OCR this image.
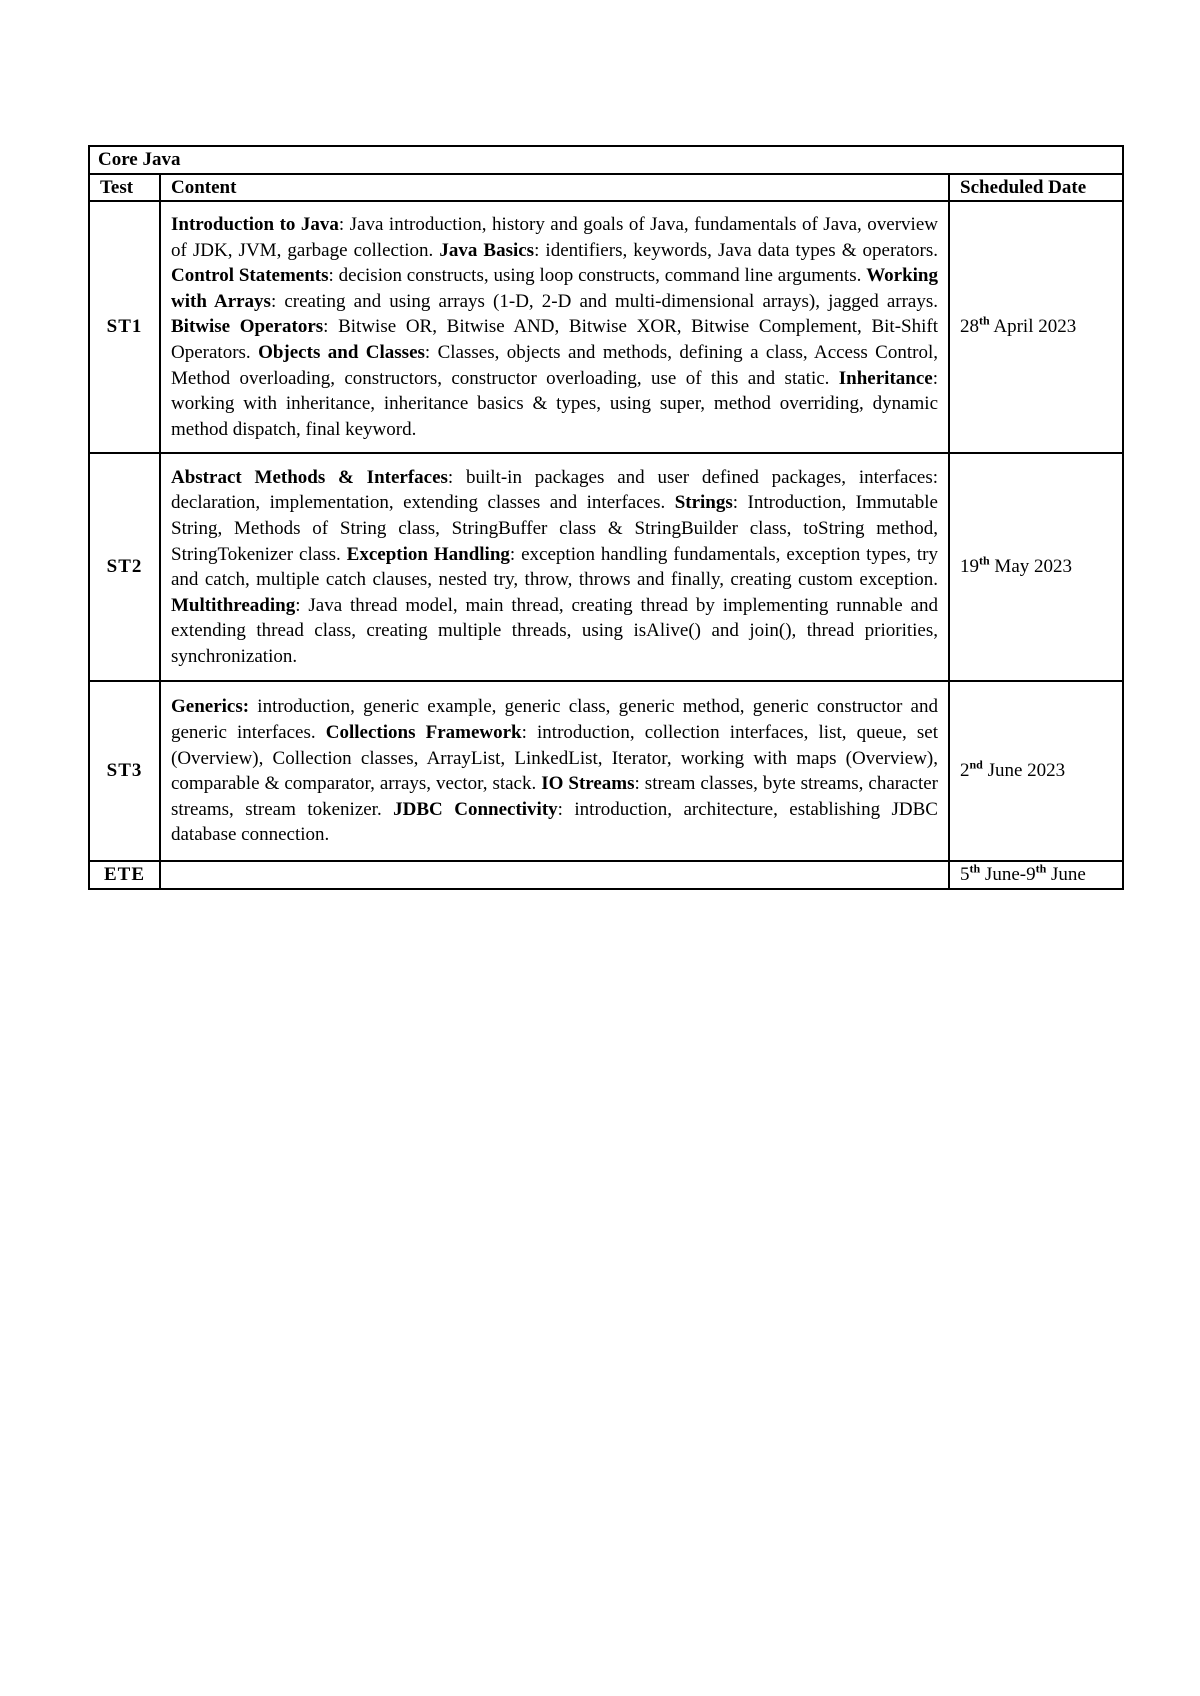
Core Java		
Test	Content	Scheduled Date
ST1	Introduction to Java: Java introduction, history and goals of Java, fundamentals of Java, overview of JDK, JVM, garbage collection. Java Basics: identifiers, keywords, Java data types & operators. Control Statements: decision constructs, using loop constructs, command line arguments. Working with Arrays: creating and using arrays (1-D, 2-D and multi-dimensional arrays), jagged arrays. Bitwise Operators: Bitwise OR, Bitwise AND, Bitwise XOR, Bitwise Complement, Bit-Shift Operators. Objects and Classes: Classes, objects and methods, defining a class, Access Control, Method overloading, constructors, constructor overloading, use of this and static. Inheritance: working with inheritance, inheritance basics & types, using super, method overriding, dynamic method dispatch, final keyword.	28th April 2023
ST2	Abstract Methods & Interfaces: built-in packages and user defined packages, interfaces: declaration, implementation, extending classes and interfaces. Strings: Introduction, Immutable String, Methods of String class, StringBuffer class & StringBuilder class, toString method, StringTokenizer class. Exception Handling: exception handling fundamentals, exception types, try and catch, multiple catch clauses, nested try, throw, throws and finally, creating custom exception. Multithreading: Java thread model, main thread, creating thread by implementing runnable and extending thread class, creating multiple threads, using isAlive() and join(), thread priorities, synchronization.	19th May 2023
ST3	Generics: introduction, generic example, generic class, generic method, generic constructor and generic interfaces. Collections Framework: introduction, collection interfaces, list, queue, set (Overview), Collection classes, ArrayList, LinkedList, Iterator, working with maps (Overview), comparable & comparator, arrays, vector, stack. IO Streams: stream classes, byte streams, character streams, stream tokenizer. JDBC Connectivity: introduction, architecture, establishing JDBC database connection.	2nd June 2023
ETE		5th June-9th June
